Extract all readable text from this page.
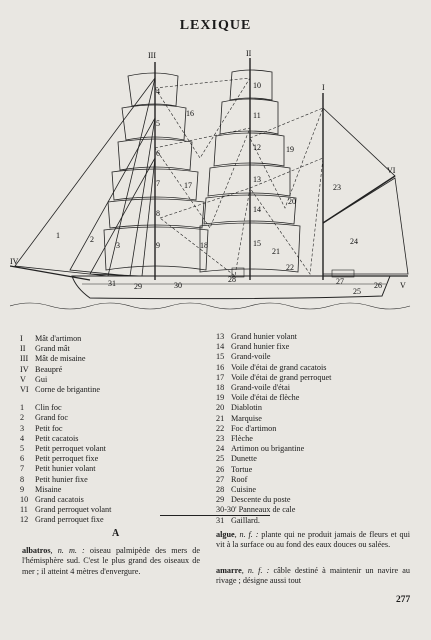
LEXIQUE
III	II
I
IV
V
VI
1	2
3
4
5
6
7
8
9
10
11
12
13
14
15
16
17
18
19
20
21
22
23
24
25
26
27
28
29	30
31
I Mât d'artimon
II Grand mât
III Mât de misaine
IV Beaupré
V Gui
VI Corne de brigantine
1 Clin foc
2 Grand foc
3 Petit foc
4 Petit cacatois
5 Petit perroquet volant
6 Petit perroquet fixe
7 Petit hunier volant
8 Petit hunier fixe
9 Misaine
10 Grand cacatois
11 Grand perroquet volant
12 Grand perroquet fixe
13 Grand hunier volant
14 Grand hunier fixe
15 Grand-voile
16 Voile d'étai de grand cacatois
17 Voile d'étai de grand perroquet
18 Grand-voile d'étai
19 Voile d'étai de flèche
20 Diablotin
21 Marquise
22 Foc d'artimon
23 Flèche
24 Artimon ou brigantine
25 Dunette
26 Tortue
27 Roof
28 Cuisine
29 Descente du poste
30-30' Panneaux de cale
31 Gaillard.
A
albatros, n. m. : oiseau palmipède des mers de l'hémisphère sud. C'est le plus grand des oiseaux de mer ; il atteint 4 mètres d'envergure.
algue, n. f. : plante qui ne produit jamais de fleurs et qui vit à la surface ou au fond des eaux douces ou salées.
amarre, n. f. : câble destiné à maintenir un navire au rivage ; désigne aussi tout
277
